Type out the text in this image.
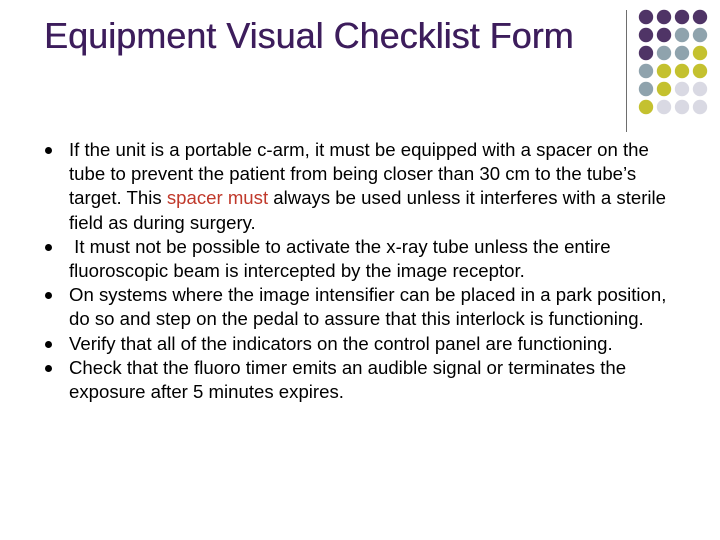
Equipment Visual Checklist Form
If the unit is a portable c-arm, it must be equipped with a spacer on the tube to prevent the patient from being closer than 30 cm to the tube’s target. This spacer must always be used unless it interferes with a sterile field as during surgery.
It must not be possible to activate the x-ray tube unless the entire fluoroscopic beam is intercepted by the image receptor.
On systems where the image intensifier can be placed in a park position, do so and step on the pedal to assure that this interlock is functioning.
Verify that all of the indicators on the control panel are functioning.
Check that the fluoro timer emits an audible signal or terminates the exposure after 5 minutes expires.
